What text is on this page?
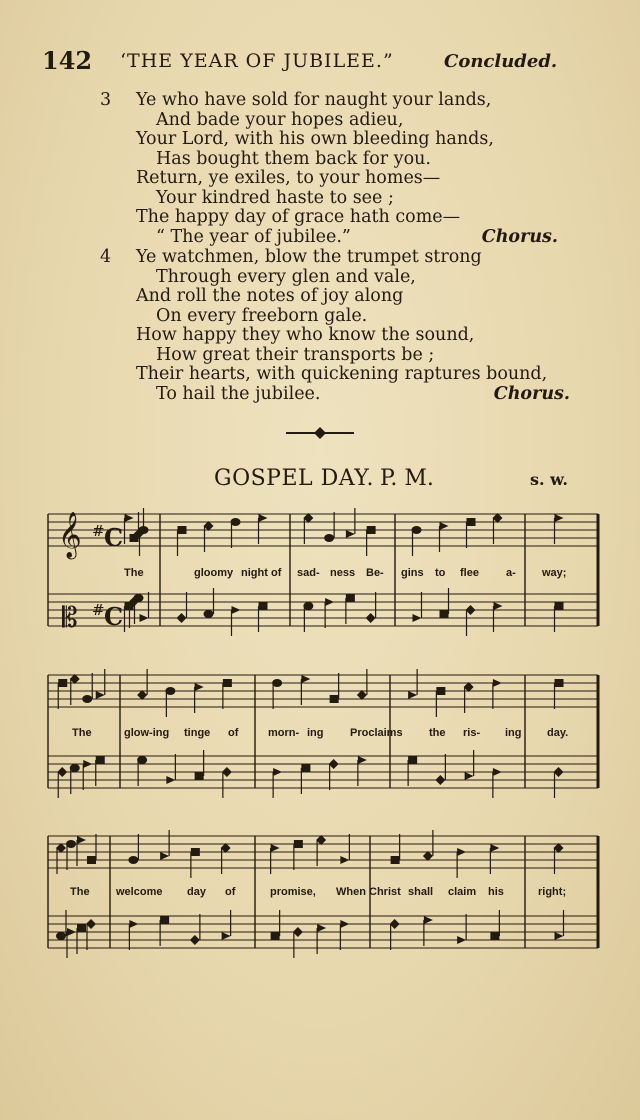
142 ‘THE YEAR OF JUBILEE.”	Concluded.
3 Ye who have sold for naught your lands,
And bade your hopes adieu,
Your Lord, with his own bleeding hands,
Has bought them back for you.
Return, ye exiles, to your homes—
Your kindred haste to see ;
The happy day of grace hath come—
“ The year of jubilee.”	Chorus.
4 Ye watchmen, blow the trumpet strong
Through every glen and vale,
And roll the notes of joy along
On every freeborn gale.
How happy they who know the sound,
How great their transports be ;
Their hearts, with quickening raptures bound,
To hail the jubilee.	Chorus.
GOSPEL DAY. P. M.	s. w.
𝄞 # C
𝄡 # C
The	gloomy night of sad- ness Be- gins to flee a- way;
The	glow-ing tinge of	morn- ing Proclaims the ris- ing day.
The welcome day of	promise, When Christ shall claim his	right;
